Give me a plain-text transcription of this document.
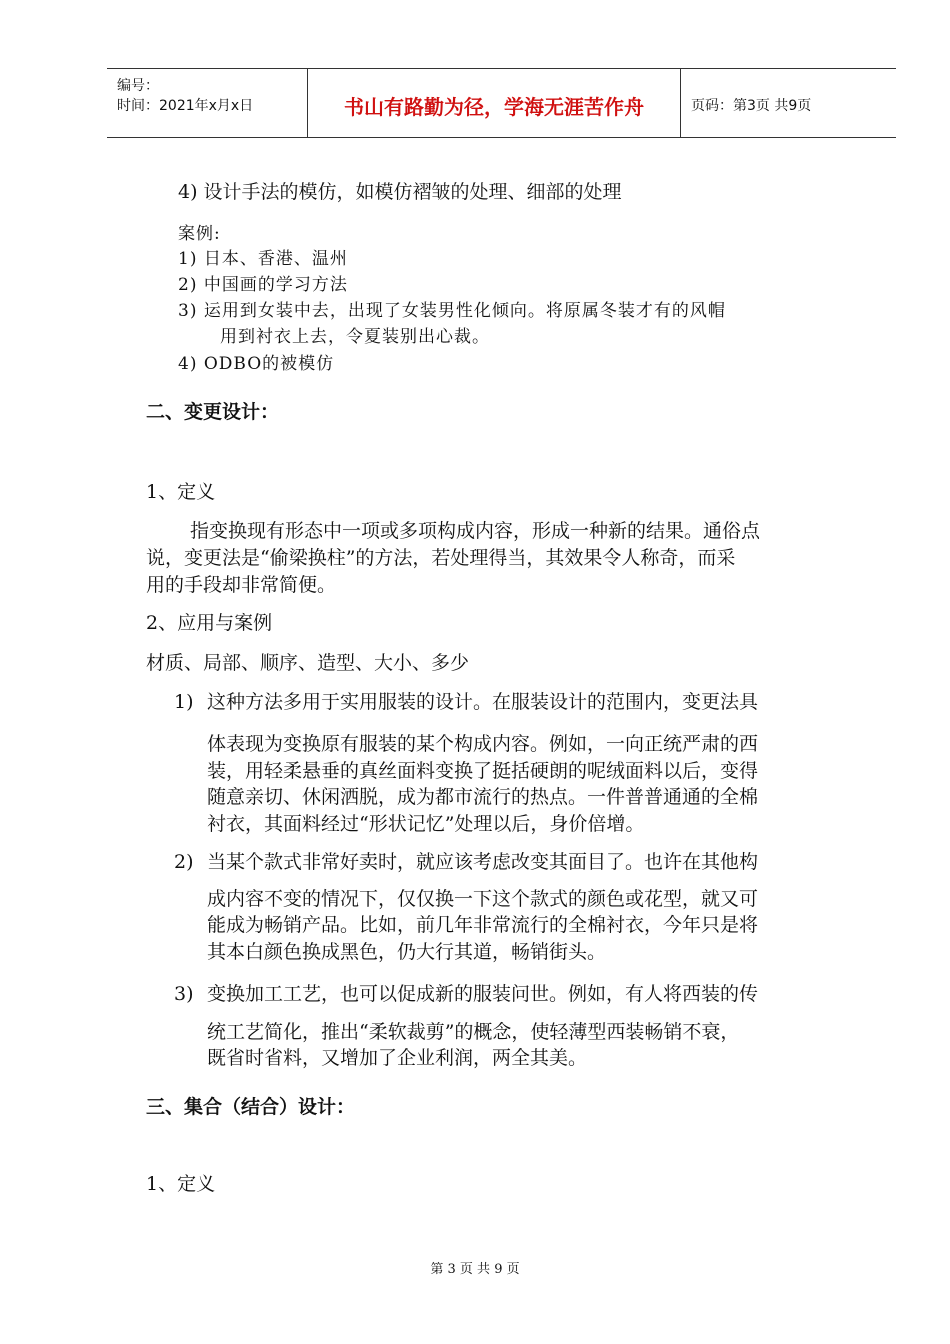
编号：
时间：2021年x月x日	书山有路勤为径，学海无涯苦作舟	页码：第3页 共9页
4) 设计手法的模仿，如模仿褶皱的处理、细部的处理
案例:
1) 日本、香港、温州
2) 中国画的学习方法
3) 运用到女装中去，出现了女装男性化倾向。将原属冬装才有的风帽
用到衬衣上去，令夏装别出心裁。
4) ODBO的被模仿
二、变更设计：
1、定义
指变换现有形态中一项或多项构成内容，形成一种新的结果。通俗点
说，变更法是“偷梁换柱”的方法，若处理得当，其效果令人称奇，而采
用的手段却非常简便。
2、应用与案例
材质、局部、顺序、造型、大小、多少
1) 这种方法多用于实用服装的设计。在服装设计的范围内，变更法具
体表现为变换原有服装的某个构成内容。例如，一向正统严肃的西
装，用轻柔悬垂的真丝面料变换了挺括硬朗的呢绒面料以后，变得
随意亲切、休闲洒脱，成为都市流行的热点。一件普普通通的全棉
衬衣，其面料经过“形状记忆”处理以后，身价倍增。
2) 当某个款式非常好卖时，就应该考虑改变其面目了。也许在其他构
成内容不变的情况下，仅仅换一下这个款式的颜色或花型，就又可
能成为畅销产品。比如，前几年非常流行的全棉衬衣，今年只是将
其本白颜色换成黑色，仍大行其道，畅销街头。
3) 变换加工工艺，也可以促成新的服装问世。例如，有人将西装的传
统工艺简化，推出“柔软裁剪”的概念，使轻薄型西装畅销不衰，
既省时省料，又增加了企业利润，两全其美。
三、集合（结合）设计：
1、定义
第 3 页 共 9 页
